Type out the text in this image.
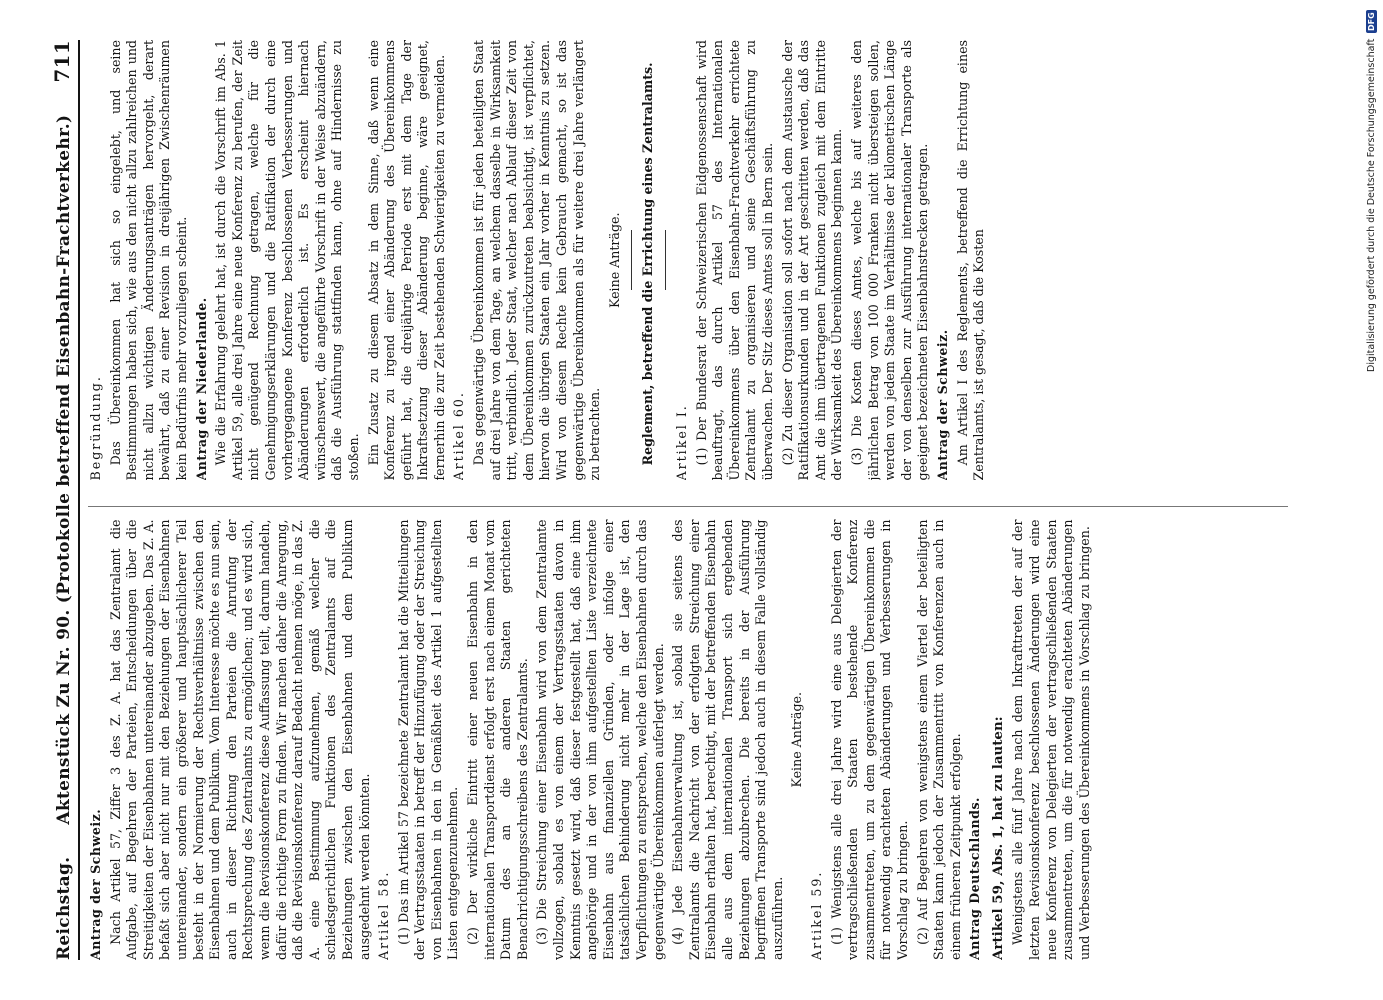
Reichstag.
Aktenstück Zu Nr. 90. (Protokolle betreffend Eisenbahn-Frachtverkehr.)
711

Antrag der Schweiz. Nach Artikel 57, Ziffer 3 des Z. A. hat das Zentralamt die Aufgabe, auf Begehren der Parteien, Entscheidungen über die Streitigkeiten der Eisenbahnen untereinander abzugeben. Das Z. A. befaßt sich aber nicht nur mit den Beziehungen der Eisenbahnen untereinander, sondern ein größerer und hauptsächlicherer Teil besteht in der Normierung der Rechtsverhältnisse zwischen den Eisenbahnen und dem Publikum. Vom Interesse möchte es nun sein, auch in dieser Richtung den Parteien die Anrufung der Rechtsprechung des Zentralamts zu ermöglichen; und es wird sich, wenn die Revisionskonferenz diese Auffassung teilt, darum handeln, dafür die richtige Form zu finden. Wir machen daher die Anregung, daß die Revisionskonferenz darauf Bedacht nehmen möge, in das Z. A. eine Bestimmung aufzunehmen, gemäß welcher die schiedsgerichtlichen Funktionen des Zentralamts auf die Beziehungen zwischen den Eisenbahnen und dem Publikum ausgedehnt werden könnten. Artikel 58. (1) Das im Artikel 57 bezeichnete Zentralamt hat die Mitteilungen der Vertragsstaaten in betreff der Hinzufügung oder der Streichung von Eisenbahnen in den in Gemäßheit des Artikel 1 aufgestellten Listen entgegenzunehmen. (2) Der wirkliche Eintritt einer neuen Eisenbahn in den internationalen Transportdienst erfolgt erst nach einem Monat vom Datum des an die anderen Staaten gerichteten Benachrichtigungsschreibens des Zentralamts. (3) Die Streichung einer Eisenbahn wird von dem Zentralamte vollzogen, sobald es von einem der Vertragsstaaten davon in Kenntnis gesetzt wird, daß dieser festgestellt hat, daß eine ihm angehörige und in der von ihm aufgestellten Liste verzeichnete Eisenbahn aus finanziellen Gründen, oder infolge einer tatsächlichen Behinderung nicht mehr in der Lage ist, den Verpflichtungen zu entsprechen, welche den Eisenbahnen durch das gegenwärtige Übereinkommen auferlegt werden. (4) Jede Eisenbahnverwaltung ist, sobald sie seitens des Zentralamts die Nachricht von der erfolgten Streichung einer Eisenbahn erhalten hat, berechtigt, mit der betreffenden Eisenbahn alle aus dem internationalen Transport sich ergebenden Beziehungen abzubrechen. Die bereits in der Ausführung begriffenen Transporte sind jedoch auch in diesem Falle vollständig auszuführen.

Keine Anträge.

Artikel 59. (1) Wenigstens alle drei Jahre wird eine aus Delegierten der vertragschließenden Staaten bestehende Konferenz zusammentreten, um zu dem gegenwärtigen Übereinkommen die für notwendig erachteten Abänderungen und Verbesserungen in Vorschlag zu bringen. (2) Auf Begehren von wenigstens einem Viertel der beteiligten Staaten kann jedoch der Zusammentritt von Konferenzen auch in einem früheren Zeitpunkt erfolgen. Antrag Deutschlands. Artikel 59, Abs. 1, hat zu lauten: Wenigstens alle fünf Jahre nach dem Inkrafttreten der auf der letzten Revisionskonferenz beschlossenen Änderungen wird eine neue Konferenz von Delegierten der vertragschließenden Staaten zusammentreten, um die für notwendig erachteten Abänderungen und Verbesserungen des Übereinkommens in Vorschlag zu bringen.

Begründung. Das Übereinkommen hat sich so eingelebt, und seine Bestimmungen haben sich, wie aus den nicht allzu zahlreichen und nicht allzu wichtigen Änderungsanträgen hervorgeht, derart bewährt, daß zu einer Revision in dreijährigen Zwischenräumen kein Bedürfnis mehr vorzuliegen scheint. Antrag der Niederlande. Wie die Erfahrung gelehrt hat, ist durch die Vorschrift im Abs. 1 Artikel 59, alle drei Jahre eine neue Konferenz zu berufen, der Zeit nicht genügend Rechnung getragen, welche für die Genehmigungserklärungen und die Ratifikation der durch eine vorhergegangene Konferenz beschlossenen Verbesserungen und Abänderungen erforderlich ist. Es erscheint hiernach wünschenswert, die angeführte Vorschrift in der Weise abzuändern, daß die Ausführung stattfinden kann, ohne auf Hindernisse zu stoßen. Ein Zusatz zu diesem Absatz in dem Sinne, daß wenn eine Konferenz zu irgend einer Abänderung des Übereinkommens geführt hat, die dreijährige Periode erst mit dem Tage der Inkraftsetzung dieser Abänderung beginne, wäre geeignet, fernerhin die zur Zeit bestehenden Schwierigkeiten zu vermeiden. Artikel 60. Das gegenwärtige Übereinkommen ist für jeden beteiligten Staat auf drei Jahre von dem Tage, an welchem dasselbe in Wirksamkeit tritt, verbindlich. Jeder Staat, welcher nach Ablauf dieser Zeit von dem Übereinkommen zurückzutreten beabsichtigt, ist verpflichtet, hiervon die übrigen Staaten ein Jahr vorher in Kenntnis zu setzen. Wird von diesem Rechte kein Gebrauch gemacht, so ist das gegenwärtige Übereinkommen als für weitere drei Jahre verlängert zu betrachten.

Keine Anträge. Reglement, betreffend die Errichtung eines Zentralamts. Artikel I. (1) Der Bundesrat der Schweizerischen Eidgenossenschaft wird beauftragt, das durch Artikel 57 des Internationalen Übereinkommens über den Eisenbahn-Frachtverkehr errichtete Zentralamt zu organisieren und seine Geschäftsführung zu überwachen. Der Sitz dieses Amtes soll in Bern sein. (2) Zu dieser Organisation soll sofort nach dem Austausche der Ratifikationsurkunden und in der Art geschritten werden, daß das Amt die ihm übertragenen Funktionen zugleich mit dem Eintritte der Wirksamkeit des Übereinkommens beginnen kann. (3) Die Kosten dieses Amtes, welche bis auf weiteres den jährlichen Betrag von 100 000 Franken nicht übersteigen sollen, werden von jedem Staate im Verhältnisse der kilometrischen Länge der von denselben zur Ausführung internationaler Transporte als geeignet bezeichneten Eisenbahnstrecken getragen. Antrag der Schweiz. Am Artikel I des Reglements, betreffend die Errichtung eines Zentralamts, ist gesagt, daß die Kosten	Digitalisierung gefördert durch die Deutsche Forschungsgemeinschaft
DFG
